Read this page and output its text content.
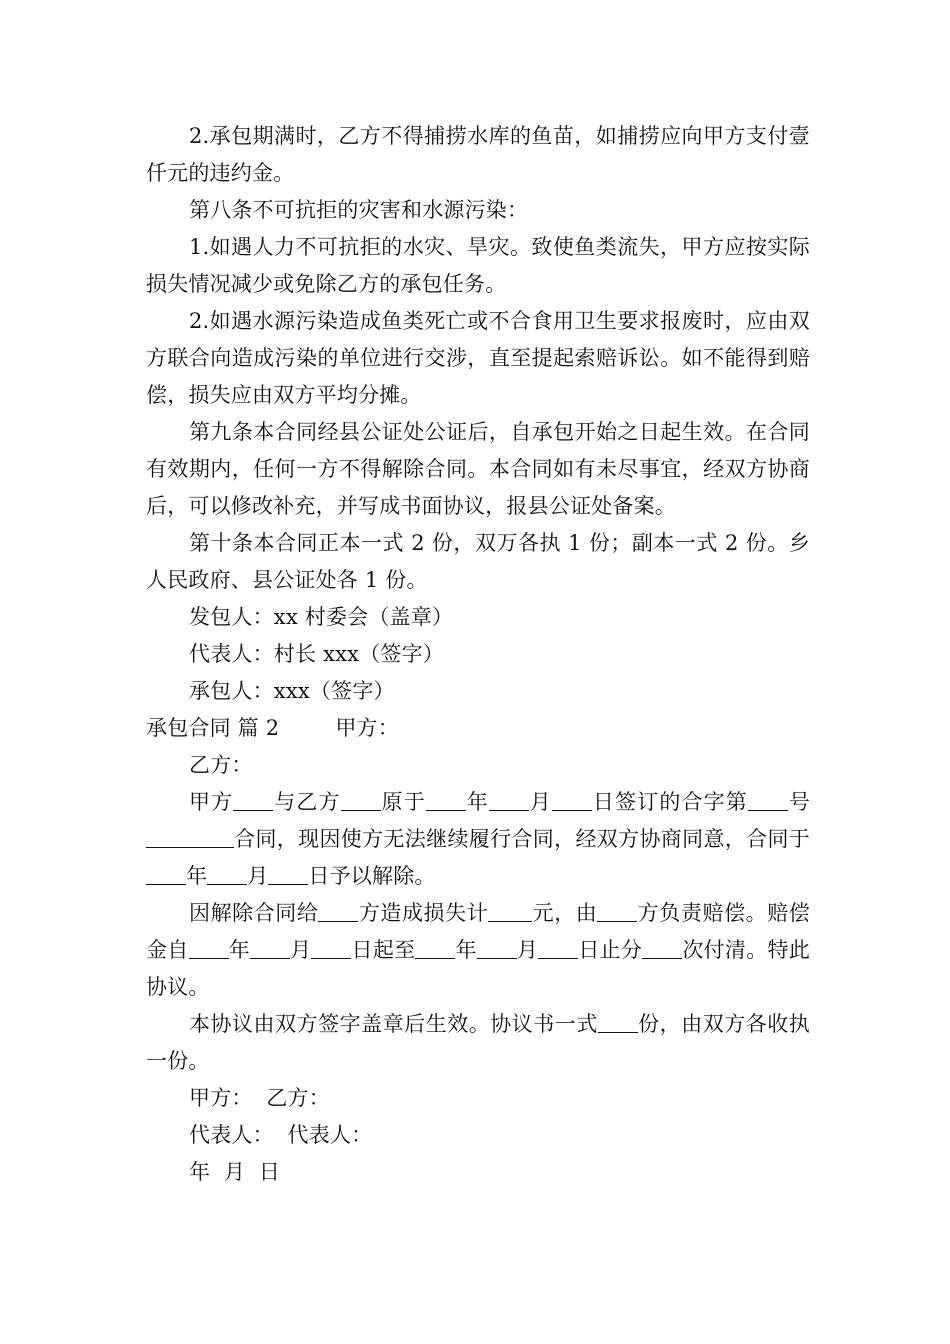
2.承包期满时，乙方不得捕捞水库的鱼苗，如捕捞应向甲方支付壹仟元的违约金。

第八条不可抗拒的灾害和水源污染：

1.如遇人力不可抗拒的水灾、旱灾。致使鱼类流失，甲方应按实际损失情况减少或免除乙方的承包任务。

2.如遇水源污染造成鱼类死亡或不合食用卫生要求报废时，应由双方联合向造成污染的单位进行交涉，直至提起索赔诉讼。如不能得到赔偿，损失应由双方平均分摊。

第九条本合同经县公证处公证后，自承包开始之日起生效。在合同有效期内，任何一方不得解除合同。本合同如有未尽事宜，经双方协商后，可以修改补充，并写成书面协议，报县公证处备案。

第十条本合同正本一式 2 份，双万各执 1 份；副本一式 2 份。乡人民政府、县公证处各 1 份。

发包人：xx 村委会（盖章）

代表人：村长 xxx（签字）

承包人：xxx（签字）

承包合同 篇 2	甲方：

乙方：

甲方 与乙方 原于 年 月 日签订的合字第 号合同，现因使方无法继续履行合同，经双方协商同意，合同于年 月 日予以解除。

因解除合同给 方造成损失计 元，由 方负责赔偿。赔偿金自 年 月 日起至 年 月 日止分 次付清。特此协议。

本协议由双方签字盖章后生效。协议书一式 份，由双方各收执一份。

甲方：  乙方：

代表人：  代表人：

年  月  日
